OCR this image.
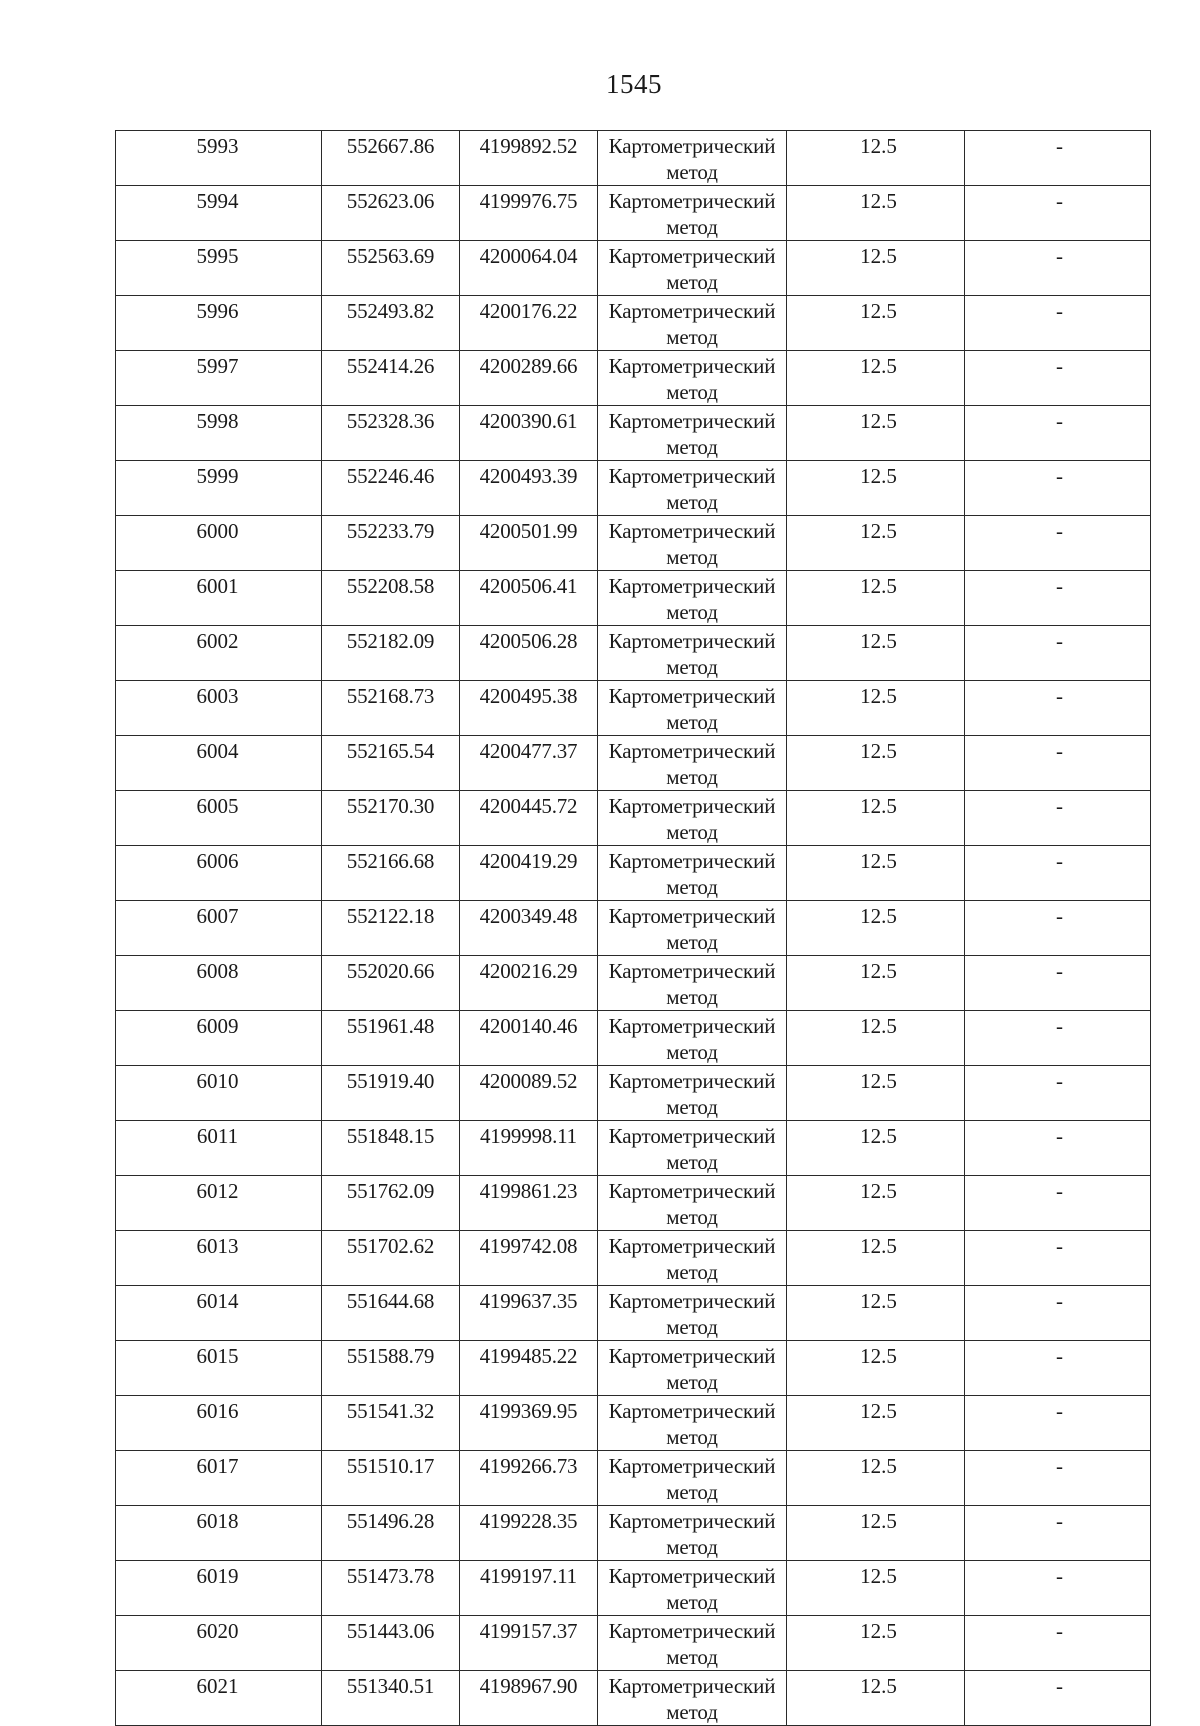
1545
5993	552667.86	4199892.52	Картометрический метод	12.5	-

5994	552623.06	4199976.75	Картометрический метод	12.5	-

5995	552563.69	4200064.04	Картометрический метод	12.5	-

5996	552493.82	4200176.22	Картометрический метод	12.5	-

5997	552414.26	4200289.66	Картометрический метод	12.5	-

5998	552328.36	4200390.61	Картометрический метод	12.5	-

5999	552246.46	4200493.39	Картометрический метод	12.5	-

6000	552233.79	4200501.99	Картометрический метод	12.5	-

6001	552208.58	4200506.41	Картометрический метод	12.5	-

6002	552182.09	4200506.28	Картометрический метод	12.5	-

6003	552168.73	4200495.38	Картометрический метод	12.5	-

6004	552165.54	4200477.37	Картометрический метод	12.5	-

6005	552170.30	4200445.72	Картометрический метод	12.5	-

6006	552166.68	4200419.29	Картометрический метод	12.5	-

6007	552122.18	4200349.48	Картометрический метод	12.5	-

6008	552020.66	4200216.29	Картометрический метод	12.5	-

6009	551961.48	4200140.46	Картометрический метод	12.5	-

6010	551919.40	4200089.52	Картометрический метод	12.5	-

6011	551848.15	4199998.11	Картометрический метод	12.5	-

6012	551762.09	4199861.23	Картометрический метод	12.5	-

6013	551702.62	4199742.08	Картометрический метод	12.5	-

6014	551644.68	4199637.35	Картометрический метод	12.5	-

6015	551588.79	4199485.22	Картометрический метод	12.5	-

6016	551541.32	4199369.95	Картометрический метод	12.5	-

6017	551510.17	4199266.73	Картометрический метод	12.5	-

6018	551496.28	4199228.35	Картометрический метод	12.5	-

6019	551473.78	4199197.11	Картометрический метод	12.5	-

6020	551443.06	4199157.37	Картометрический метод	12.5	-

6021	551340.51	4198967.90	Картометрический метод	12.5	-
